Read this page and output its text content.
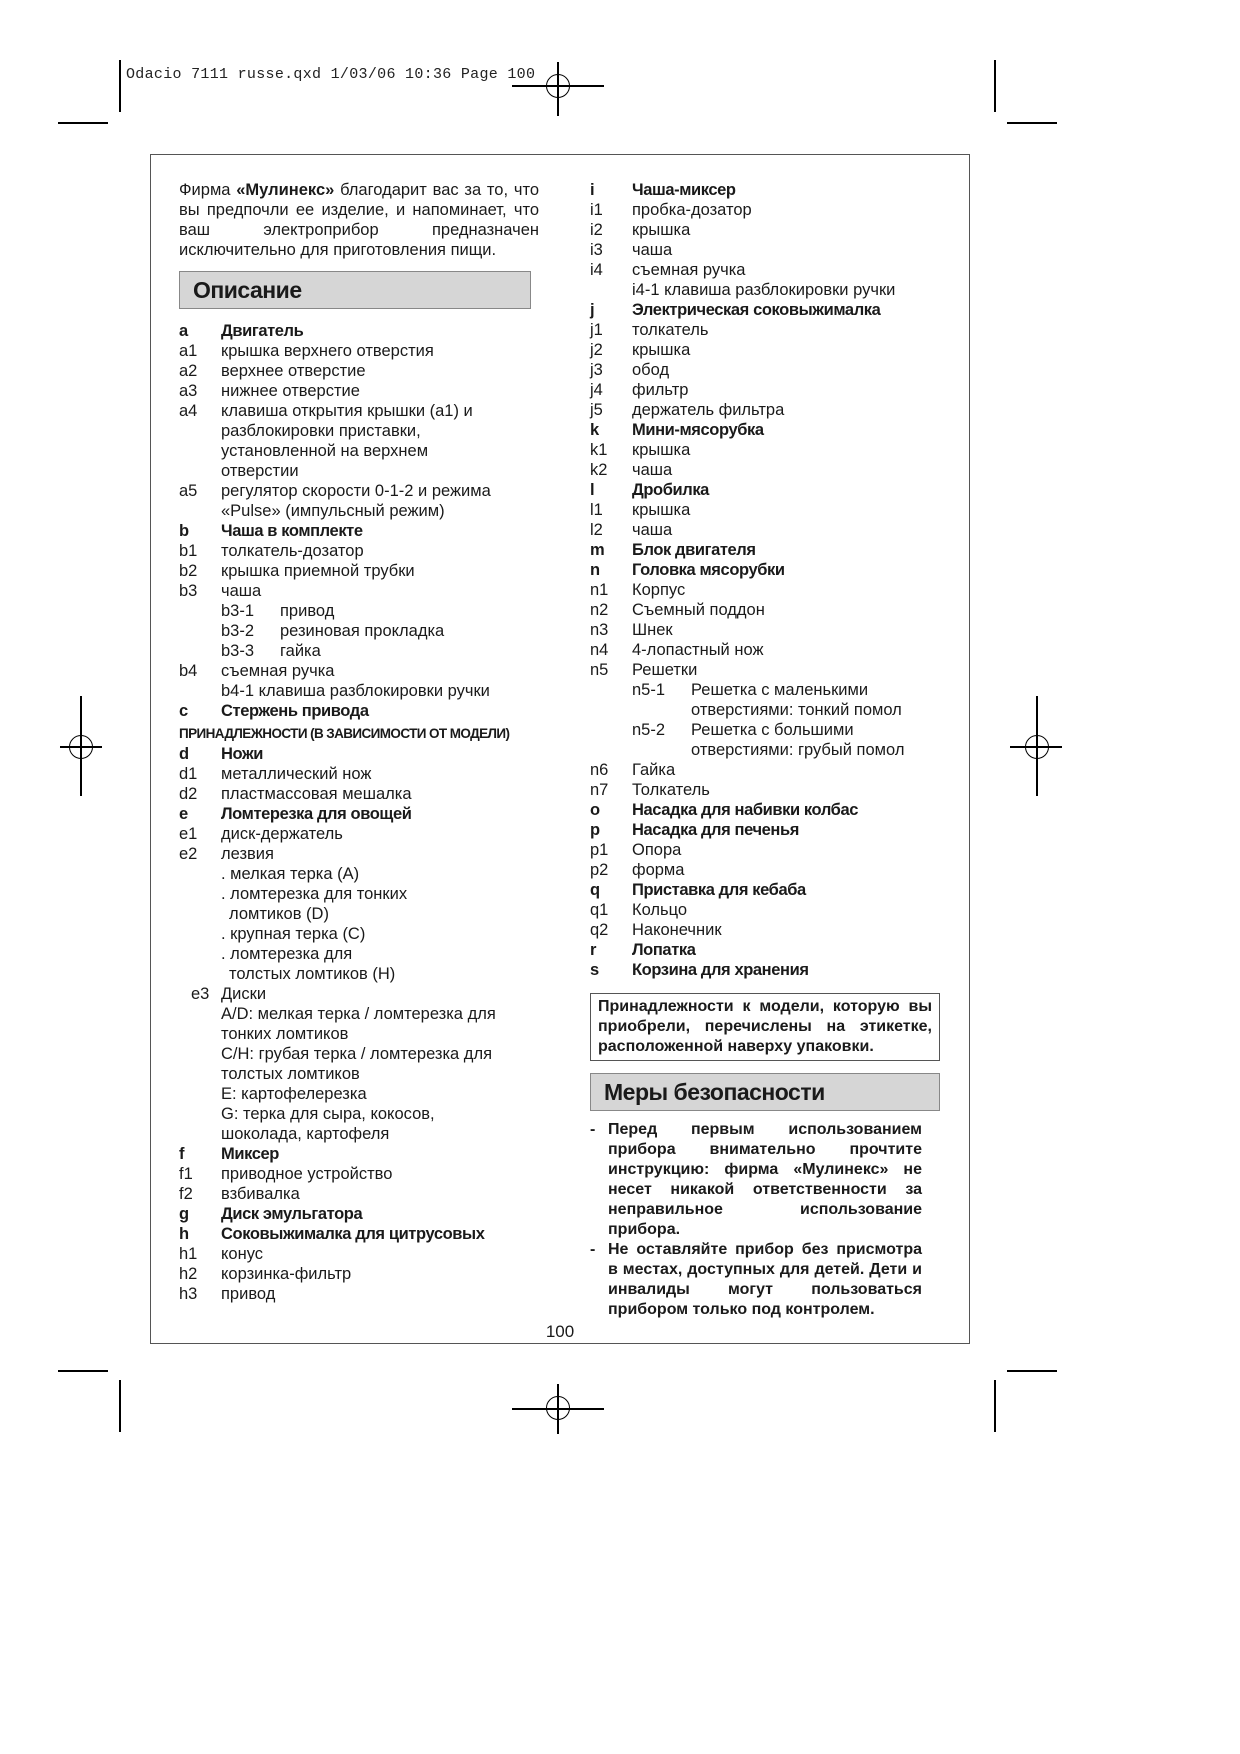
Odacio 7111 russe.qxd 1/03/06 10:36 Page 100

Фирма «Мулинекс» благодарит вас за то, что вы предпочли ее изделие, и напоминает, что ваш электроприбор предназначен исключительно для приготовления пищи.

Описание
a	Двигатель
a1	крышка верхнего отверстия
a2	верхнее отверстие
a3	нижнее отверстие
a4	клавиша открытия крышки (а1) и
разблокировки приставки,
установленной на верхнем
отверстии
a5	регулятор скорости 0-1-2 и режима
«Pulse» (импульсный режим)
b	Чаша в комплекте
b1	толкатель-дозатор
b2	крышка приемной трубки
b3	чаша
b3-1	привод
b3-2	резиновая прокладка
b3-3	гайка
b4	съемная ручка
b4-1 клавиша разблокировки ручки
c	Стержень привода
ПРИНАДЛЕЖНОСТИ (В ЗАВИСИМОСТИ ОТ МОДЕЛИ)
d	Ножи
d1	металлический нож
d2	пластмассовая мешалка
e	Ломтерезка для овощей
e1	диск-держатель
e2	лезвия
. мелкая терка (А)
. ломтерезка для тонких
ломтиков (D)
. крупная терка (С)
. ломтерезка для
толстых ломтиков (Н)
e3 Диски
A/D: мелкая терка / ломтерезка для
тонких ломтиков
C/H: грубая терка / ломтерезка для
толстых ломтиков
E: картофелерезка
G: терка для сыра, кокосов,
шоколада, картофеля
f	Миксер
f1	приводное устройство
f2	взбивалка
g	Диск эмульгатора
h	Соковыжималка для цитрусовых
h1	конус
h2	корзинка-фильтр
h3	привод
i	Чаша-миксер
i1	пробка-дозатор
i2	крышка
i3	чаша
i4	съемная ручка
i4-1 клавиша разблокировки ручки
j	Электрическая соковыжималка
j1	толкатель
j2	крышка
j3	обод
j4	фильтр
j5	держатель фильтра
k	Мини-мясорубка
k1	крышка
k2	чаша
l	Дробилка
l1	крышка
l2	чаша
m	Блок двигателя
n	Головка мясорубки
n1	Корпус
n2	Съемный поддон
n3	Шнек
n4	4-лопастный нож
n5	Решетки
n5-1	Решетка с маленькими
отверстиями: тонкий помол
n5-2	Решетка с большими
отверстиями: грубый помол
n6	Гайка
n7	Толкатель
o	Насадка для набивки колбас
p	Насадка для печенья
p1	Опора
p2	форма
q	Приставка для кебаба
q1	Кольцо
q2	Наконечник
r	Лопатка
s	Корзина для хранения
Принадлежности к модели, которую вы приобрели, перечислены на этикетке, расположенной наверху упаковки.
Меры безопасности
- Перед первым использованием прибора внимательно прочтите инструкцию: фирма «Мулинекс» не несет никакой ответственности за неправильное использование прибора.
- Не оставляйте прибор без присмотра в местах, доступных для детей. Дети и инвалиды могут пользоваться прибором только под контролем.
100
